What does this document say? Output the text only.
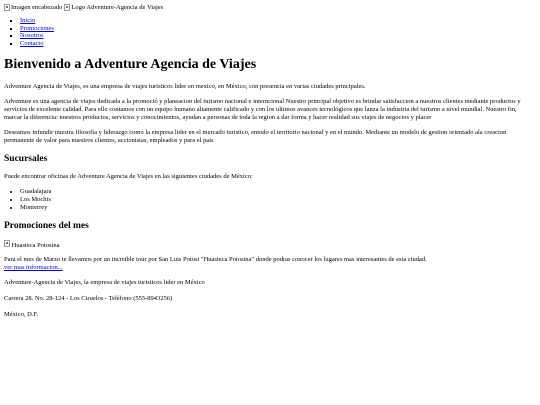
Imagen encabezado Logo Adventure-Agencia de Viajes
▪ Inicio
▪ Promociones
▪ Nosotros
▪ Contacto
Bienvenido a Adventure Agencia de Viajes

Adventure Agencia de Viajes, es una empresa de viajes turisticos lider en mexico, en México, con presencia en varias ciudades principales.

Adventure es una agencia de viajes dedicada a la promoció y planeacion del turismo nacional e interncional Nuestro principal objetivo es brindar satisfaccion a nuestros clientes mediante productos y servicios de excelente calidad. Para ello contamos con un equipo humano altamente calificado y con los ultimos avances tecnológicos que lanza la industria del turismo a nivel mundial. Nuestro fin, marcar la diferencia: nuestros productos, servicios y conocimientos, ayudan a personas de toda la region a dar forma y hacer realidad sus viajes de negocios y placer

Deseamos infundir nuestra filosofía y liderazgo como la empresa lider en el mercado turistico, entodo el territorio nacional y en el mundo. Mediante un modelo de gestion orientado ala creacion permanente de valor para nuestros clientes, accionistas, empleados y para el pais

Sucursales

Puede encontrar oficinas de Adventure Agencia de Viajes en las siguientes ciudades de México:

• Guadalajara
• Los Mochis
• Monterrey
Promociones del mes
Huasteca Potosina
Para el mes de Marzo te llevamos por un increible tour por San Luis Potosi "Huasteca Potosina" donde podras conocer los lugares mas interesantes de esta ciudad.
ver mas informacion...

Adventure-Agencia de Viajes, la empresa de viajes turisticos lider en México

Carrera 28. No. 28-124 - Los Ciruelos - Teléfono (555-8943256)

México, D.F.
